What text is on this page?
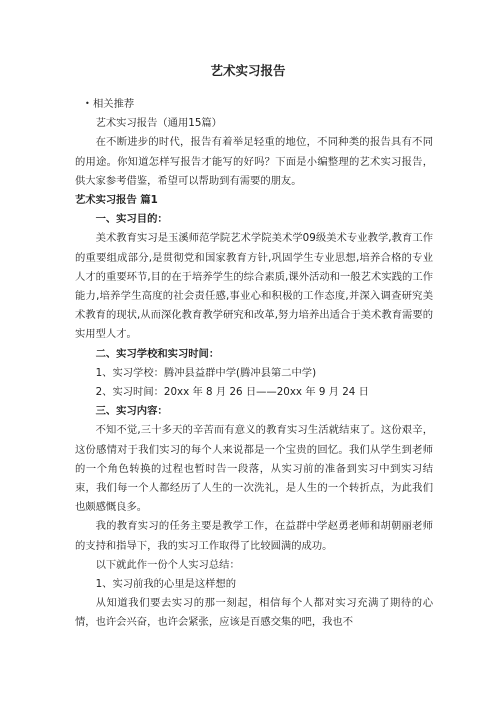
艺术实习报告

• 相关推荐

艺术实习报告（通用15篇）

在不断进步的时代，报告有着举足轻重的地位，不同种类的报告具有不同的用途。你知道怎样写报告才能写的好吗？下面是小编整理的艺术实习报告，供大家参考借鉴，希望可以帮助到有需要的朋友。

艺术实习报告 篇1

一、实习目的：

美术教育实习是玉溪师范学院艺术学院美术学09级美术专业教学,教育工作的重要组成部分,是贯彻党和国家教育方针,巩固学生专业思想,培养合格的专业人才的重要环节,目的在于培养学生的综合素质,课外活动和一般艺术实践的工作能力,培养学生高度的社会责任感,事业心和积极的工作态度,并深入调查研究美术教育的现状,从而深化教育教学研究和改革,努力培养出适合于美术教育需要的实用型人才。

二、实习学校和实习时间：

1、实习学校：腾冲县益群中学(腾冲县第二中学)

2、实习时间：20xx 年 8 月 26 日——20xx 年 9 月 24 日

三、实习内容：

不知不觉,三十多天的辛苦而有意义的教育实习生活就结束了。这份艰辛，这份感情对于我们实习的每个人来说都是一个宝贵的回忆。我们从学生到老师的一个角色转换的过程也暂时告一段落，从实习前的准备到实习中到实习结束，我们每一个人都经历了人生的一次洗礼，是人生的一个转折点，为此我们也颇感慨良多。

我的教育实习的任务主要是教学工作，在益群中学赵勇老师和胡朝丽老师的支持和指导下，我的实习工作取得了比较圆满的成功。

以下就此作一份个人实习总结：

1、实习前我的心里是这样想的

从知道我们要去实习的那一刻起，相信每个人都对实习充满了期待的心情，也许会兴奋，也许会紧张，应该是百感交集的吧，我也不
